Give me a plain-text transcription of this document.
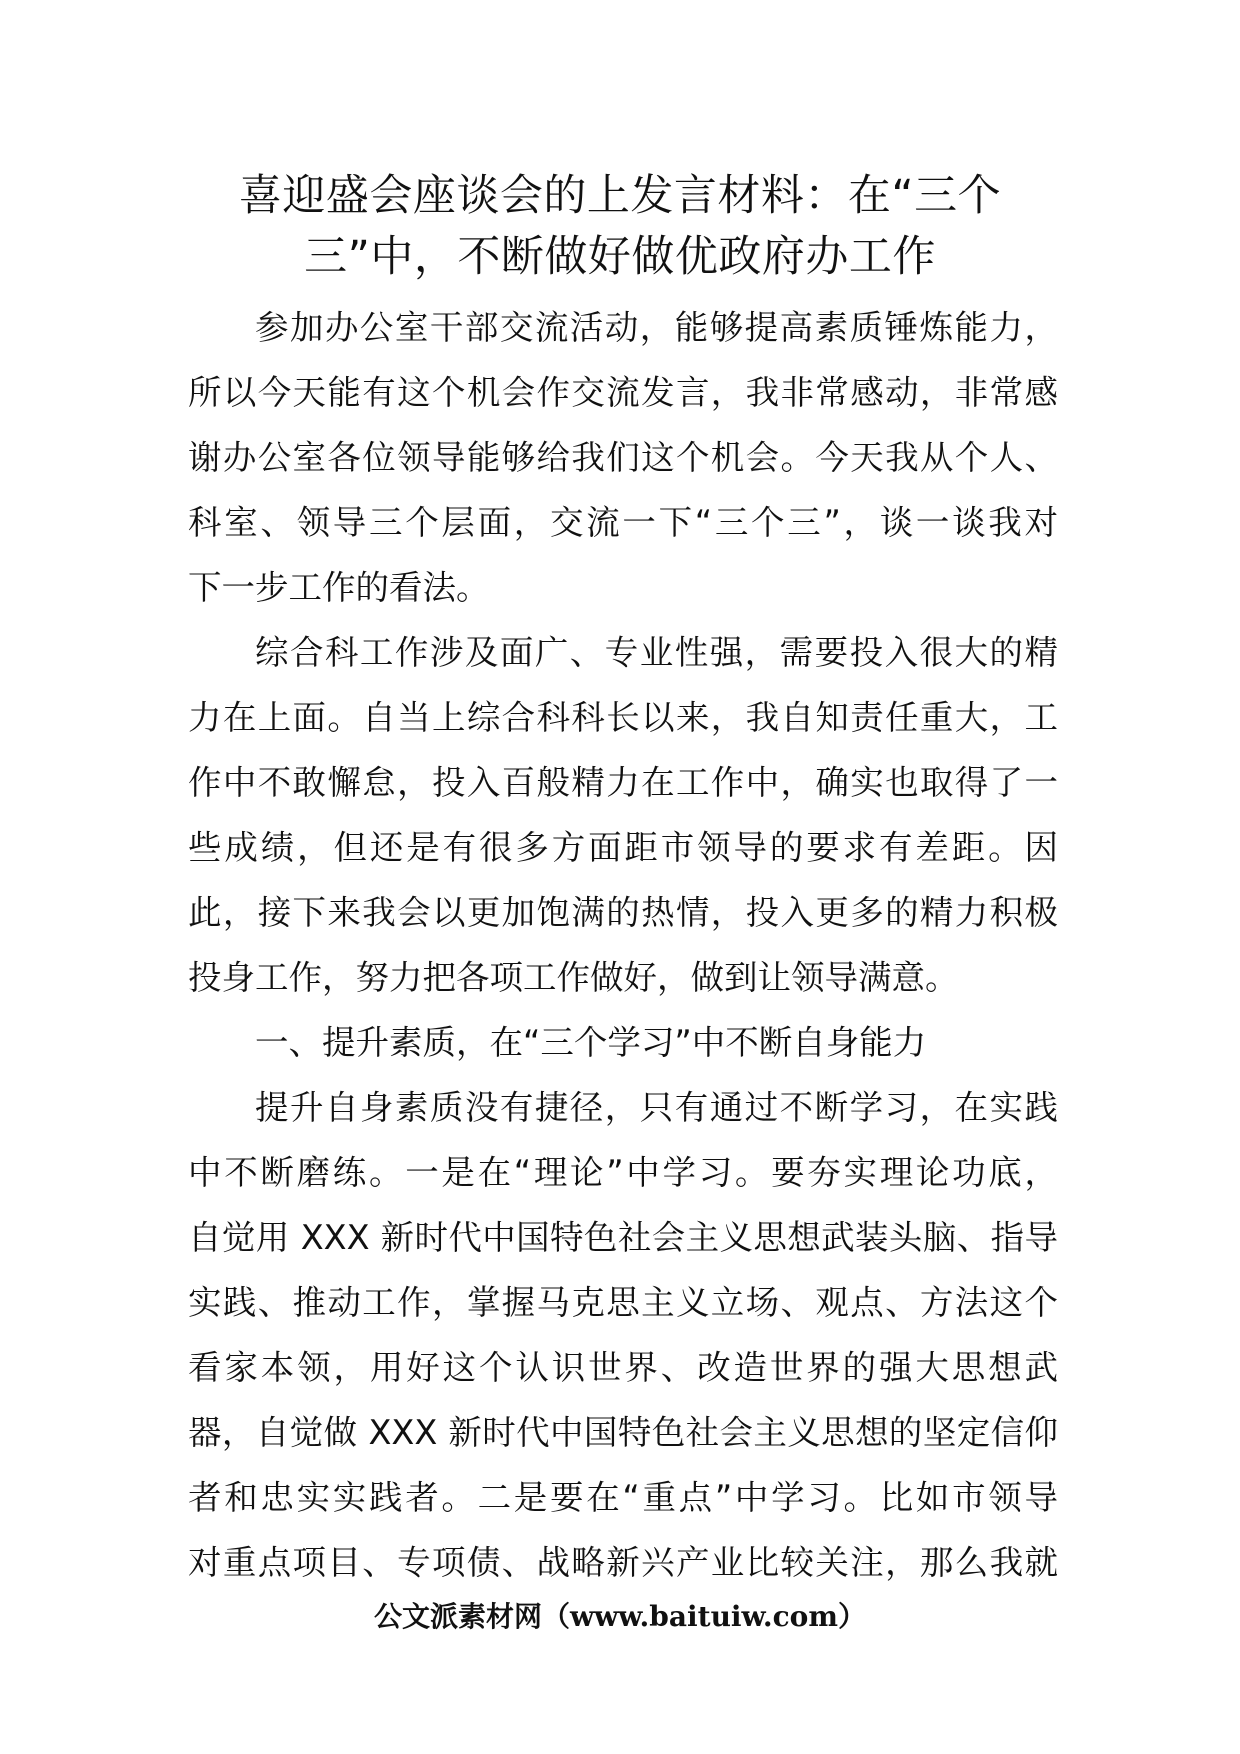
喜迎盛会座谈会的上发言材料：在“三个
三”中，不断做好做优政府办工作
参加办公室干部交流活动，能够提高素质锤炼能力，
所以今天能有这个机会作交流发言，我非常感动，非常感
谢办公室各位领导能够给我们这个机会。今天我从个人、
科室、领导三个层面，交流一下“三个三”，谈一谈我对
下一步工作的看法。
综合科工作涉及面广、专业性强，需要投入很大的精
力在上面。自当上综合科科长以来，我自知责任重大，工
作中不敢懈怠，投入百般精力在工作中，确实也取得了一
些成绩，但还是有很多方面距市领导的要求有差距。因
此，接下来我会以更加饱满的热情，投入更多的精力积极
投身工作，努力把各项工作做好，做到让领导满意。
一、提升素质，在“三个学习”中不断自身能力
提升自身素质没有捷径，只有通过不断学习，在实践
中不断磨练。一是在“理论”中学习。要夯实理论功底，
自觉用 XXX 新时代中国特色社会主义思想武装头脑、指导
实践、推动工作，掌握马克思主义立场、观点、方法这个
看家本领，用好这个认识世界、改造世界的强大思想武
器，自觉做 XXX 新时代中国特色社会主义思想的坚定信仰
者和忠实实践者。二是要在“重点”中学习。比如市领导
对重点项目、专项债、战略新兴产业比较关注，那么我就
公文派素材网（www.baituiw.com）
